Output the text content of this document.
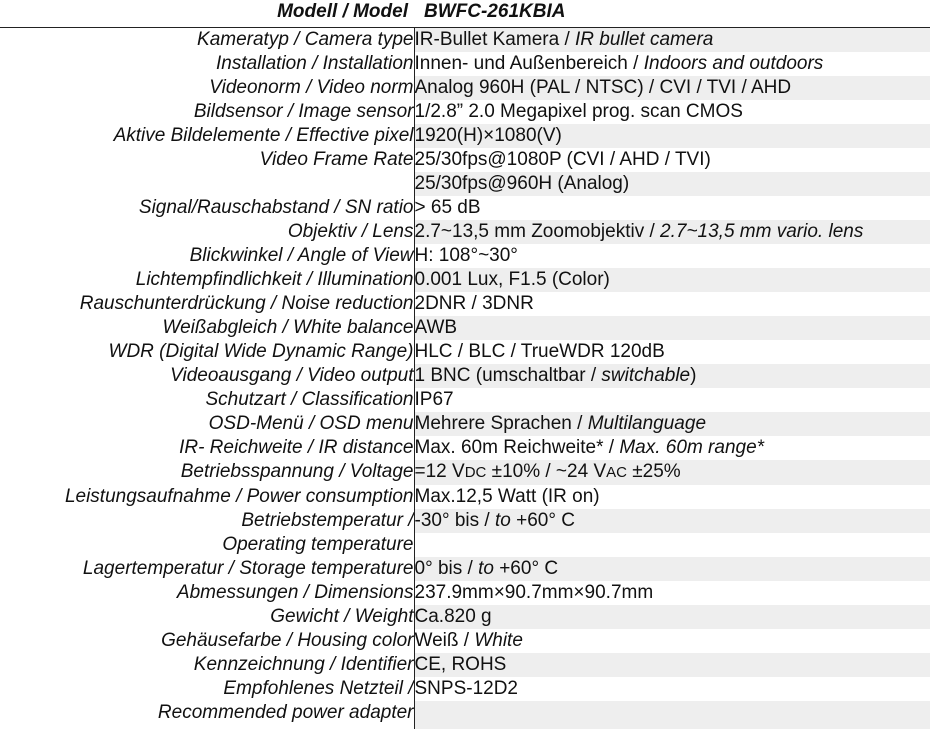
Modell / Model	BWFC-261KBIA
Kameratyp / Camera type	IR-Bullet Kamera / IR bullet camera
Installation / Installation	Innen- und Außenbereich / Indoors and outdoors
Videonorm / Video norm	Analog 960H (PAL / NTSC) / CVI / TVI / AHD
Bildsensor / Image sensor	1/2.8” 2.0 Megapixel prog. scan CMOS
Aktive Bildelemente / Effective pixel	1920(H)×1080(V)
Video Frame Rate	25/30fps@1080P (CVI / AHD / TVI)
	25/30fps@960H (Analog)
Signal/Rauschabstand / SN ratio	> 65 dB
Objektiv / Lens	2.7~13,5 mm Zoomobjektiv / 2.7~13,5 mm vario. lens
Blickwinkel / Angle of View	H: 108°~30°
Lichtempfindlichkeit / Illumination	0.001 Lux, F1.5 (Color)
Rauschunterdrückung / Noise reduction	2DNR / 3DNR
Weißabgleich / White balance	AWB
WDR (Digital Wide Dynamic Range)	HLC / BLC / TrueWDR 120dB
Videoausgang / Video output	1 BNC (umschaltbar / switchable)
Schutzart / Classification	IP67
OSD-Menü / OSD menu	Mehrere Sprachen / Multilanguage
IR- Reichweite / IR distance	Max. 60m Reichweite* / Max. 60m range*
Betriebsspannung / Voltage	=12 VDC ±10% / ~24 VAC ±25%
Leistungsaufnahme / Power consumption	Max.12,5 Watt (IR on)
Betriebstemperatur /	-30° bis / to +60° C
Operating temperature	
Lagertemperatur / Storage temperature	0° bis / to +60° C
Abmessungen / Dimensions	237.9mm×90.7mm×90.7mm
Gewicht / Weight	Ca.820 g
Gehäusefarbe / Housing color	Weiß / White
Kennzeichnung / Identifier	CE, ROHS
Empfohlenes Netzteil /	SNPS-12D2
Recommended power adapter	
